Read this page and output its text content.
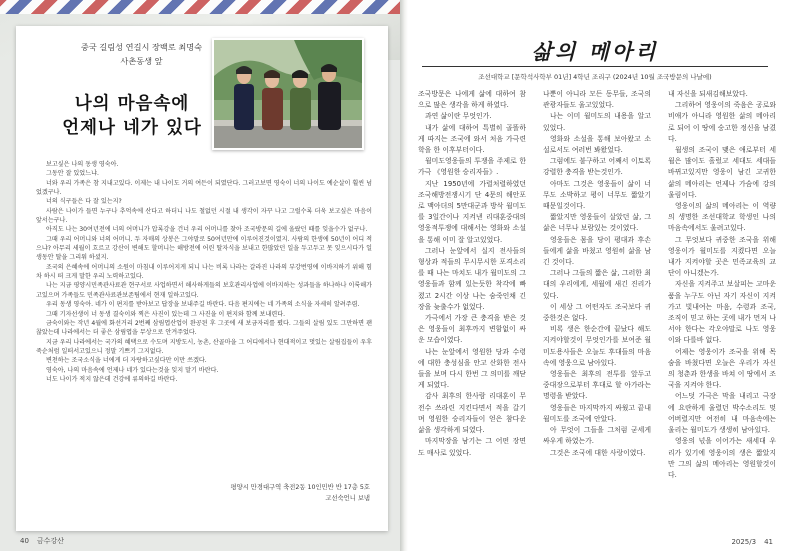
중국 길림성 연길시 장백로 최명숙
사촌동생 앞
나의 마음속에
언제나 네가 있다

보고싶은 나의 동생 영숙아.

그동안 잘 있었느냐.

너와 우리 가족은 참 지내고있다. 이제는 내 나이도 거의 여든이 되였단다. 그러고보면 영숙이 너의 나이도 예순살이 훨씬 넘었겠구나.

너의 식구들은 다 잘 있는지?

사람은 나이가 들면 누구나 추억속에 산다고 하더니 나도 철없던 시절 내 생각이 자꾸 나고 그럴수록 더욱 보고싶은 마음이 앞서는구나.

아직도 나는 30여년전에 너의 어머니가 압록강을 건너 우리 어머니를 찾아 조국방문의 길에 올랐던 때를 잊을수가 없구나.

그때 우리 어머니와 너의 어머니. 두 자매의 상봉은 그야말로 50여년만에 이루어진것이였지. 사람의 한생에 50년이 어디 적으냐? 아무리 세월이 흐르고 강산이 변해도 할머니는 해방전에 어린 딸자식을 보내고 한많았던 일을 두고두고 못 잊으시다가 일생동안 딸을 그리워 하셨지.

조국의 은혜속에 어머니의 소원이 마침내 이루어지게 되니 나는 비록 나라는 갈라진 나라의 부강번영에 이바지하기 위해 힘차 하시 떠 크게 말한 우리 노력하고있다.

나는 지금 평양시민족관사료관 현구서로 사업하면서 해사하게들의 보호관리사업에 이바지하는 성과들을 하나하나 이룩해가고있으며 가족들도 민족관사료관보존팀에서 현재 일하고있다.

우리 동생 영숙아. 네가 이 편지를 받아보고 답장을 보내주길 바란다. 다음 편지에는 네 가족의 소식을 자세히 알려주렴.

그때 기자선생이 너 동생 결숙이와 찍은 사진이 있는데 그 사진을 이 편지와 함께 보내련다.

금숙이와는 작년 4월에 화선거리 2번째 삼림엽산업이 완공된 후 그곳에 새 보금자리를 폈다. 그들의 살림 있도 그만하면 괜찮았는데 나라에서는 더 좋은 삼림엽을 무상으로 안겨주었다.

지금 우리 나라에서는 국가의 혜택으로 수도며 지방도시, 농촌, 산골마을 그 어디에서나 현대적이고 멋있는 살림집들이 우후죽순처럼 일떠서고있으니 정말 기쁘기 그지없다.

변천하는 조국소식을 너에게 더 자랑하고싶다만 이만 쓰겠다.

영숙아, 나의 마음속에 언제나 네가 있다는것을 잊지 말기 바란다.

너도 나이가 적지 않은데 건강에 류의하길 바란다.

평양시 만경대구역 축전2동 10인민반 반 17층 5호
고선숙언니 보냄
40 금수강산
삶의 메아리
조선대학교 [문학석사학부 01년] 4학년 조리구 (2024년 10월 조국방문의 나날에)

조국방문은 나에게 삶에 대하여 참으로 많은 생각을 하게 하였다.

과연 삶이란 무엇인가.

내가 삶에 대하여 특별히 골똘하게 따지는 조국에 와서 처음 가극련학을 한 이후부터이다.

월미도영웅들의 투쟁을 주제로 한 가극 《영원한 승리자들》.

지난 1950년에 가렬처렬하였던 조국해방전쟁시기 단 4문의 해안포로 맥아더의 5만대군과 방삭 월미도를 3일간이나 지켜낸 리대훈중대의 영웅적투쟁에 대해서는 영화와 소설을 통해 이미 잘 알고있었다.

그러나 눈앞에서 실지 전사들의 형상과 적들의 무시무시한 포격소리를 때 나는 마치도 내가 월미도의 그 영웅들과 함께 있는듯한 착각에 빠졌고 2시간 이상 나는 숨죽인채 긴장을 늦출수가 없었다.

가극에서 가장 큰 충격을 받은 것은 영웅들이 최후까지 변함없이 싸운 모습이였다.

나는 눈앞에서 영원한 당과 수령에 대한 충성심을 안고 산화한 전사들을 보며 다시 한번 그 의미를 깨닫게 되였다.

감사 최후의 한사람 리대훈이 무전수 쓰라린 지킨다면서 적을 갈기며 영원한 승리자들이 얻은 참다운 삶을 생각하게 되였다.

마지막장을 남기는 그 어떤 장면도 매사로 있었다.

나뿐이 아니라 모든 동무들, 조국의 관광자들도 울고있었다.

나는 이미 월미도의 내용을 알고있었다.

영화와 소설을 통해 보아왔고 소설로서도 여러번 봐왔었다.

그럼에도 불구하고 어째서 이토록 강렬한 충격을 받는것인가.

아마도 그것은 영웅들이 삶이 너무도 소박하고 평이 너무도 짧았기때문일것이다.

짧았지만 영웅들이 살았던 삶, 그 삶은 너무나 보람있는 것이였다.

영웅들은 몸을 당이 평대과 후손들에게 삶을 바쳤고 영원히 삶을 남긴 것이다.

그러나 그들의 짧은 삶, 그러한 최대의 우리에게, 세월에 새긴 진리가 있다.

이 세상 그 어떤자도 조국보다 귀중한것은 없다.

비록 생은 한순간에 끝났다 해도 지켜야할것이 무엇인가를 보여준 월미도용사들은 오늘도 후대들의 마음속에 영웅으로 남아있다.

영웅들은 최후의 전투를 앞두고 중대장으로부터 후대로 할 아가라는 명령을 받았다.

영웅들은 마지막까지 싸웠고 끝내 월미도를 조국에 안았다.

아 무엇이 그들을 그처럼 굳세게 싸우게 하였는가.

그것은 조국에 대한 사랑이였다.

내 자신을 되새김해보았다.

그리하여 영웅이의 죽음은 공로와 비애가 아니라 영원한 삶의 메아리로 되어 이 땅에 숭고한 정신을 남겼다.

월생의 조국이 맺은 애로부터 세월은 많이도 흘렀고 세대도 세대들 바뀌고있지만 영웅이 남긴 고귀한 삶의 메아리는 언제나 가슴에 강의 울림이다.

영웅이의 삶의 메아리는 이 역량의 생명한 조선대학교 학생인 나의 마음속에서도 울려고있다.

그 무엇보다 귀중한 조국을 위해 영웅이가 월미도를 지켰다면 오늘 내가 지켜야할 곳은 민족교육의 교단이 아니겠는가.

자신을 지켜주고 보살피는 고마운 품을 누구도 아닌 자기 자신이 지켜가고 빛내여는 마음, 수령과 조국, 조직이 믿고 하는 곳에 내가 먼저 나서야 한다는 각오야말로 나도 영웅이와 다를바 없다.

어제는 영웅이가 조국을 위해 목숨을 바쳤다면 오늘은 우리가 자신의 청춘과 한생을 바쳐 이 땅에서 조국을 지켜야 한다.

어느덧 가극은 막을 내리고 극장에 요란하게 울렸던 박수소리도 멎어버렸지만 여전히 내 마음속에는 울리는 월미도가 생생히 남아있다.

영웅의 넋을 이어가는 새세대 우리가 있기에 영웅이의 생은 짧았지만 그의 삶의 메아리는 영원할것이다.

2025/3 41
